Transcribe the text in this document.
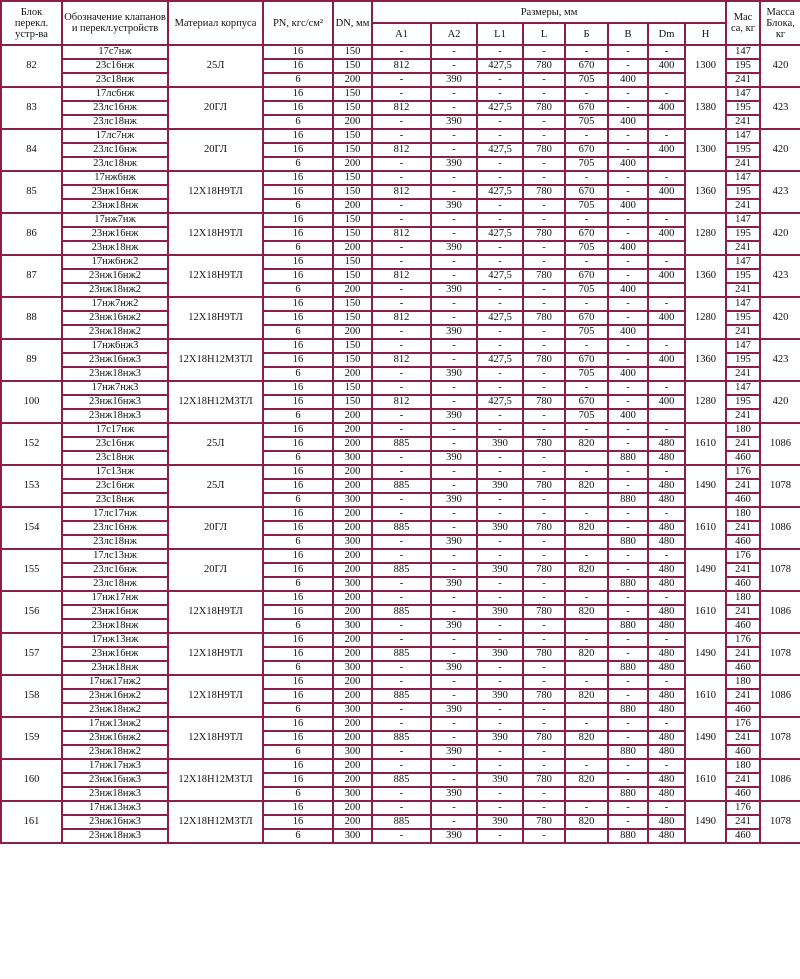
Блок перекл. устр-ва	Обозначение клапанов и перекл.устройств	Материал корпуса	PN, кгс/см²	DN, мм	Размеры, мм								Мас са, кг	Масса Блока, кг
					A1	A2	L1	L	Б	В	Dm	H		
82	17с7нж	25Л	16	150	-	-	-	-	-	-	-	1300	147	420
	23с16нж		16	150	812	-	427,5	780	670	-	400		195	
	23с18нж		6	200	-	390	-	-	705	400			241	
83	17лс6нж	20ГЛ	16	150	-	-	-	-	-	-	-	1380	147	423
	23лс16нж		16	150	812	-	427,5	780	670	-	400		195	
	23лс18нж		6	200	-	390	-	-	705	400			241	
84	17лс7нж	20ГЛ	16	150	-	-	-	-	-	-	-	1300	147	420
	23лс16нж		16	150	812	-	427,5	780	670	-	400		195	
	23лс18нж		6	200	-	390	-	-	705	400			241	
85	17нж6нж	12Х18Н9ТЛ	16	150	-	-	-	-	-	-	-	1360	147	423
	23нж16нж		16	150	812	-	427,5	780	670	-	400		195	
	23нж18нж		6	200	-	390	-	-	705	400			241	
86	17нж7нж	12Х18Н9ТЛ	16	150	-	-	-	-	-	-	-	1280	147	420
	23нж16нж		16	150	812	-	427,5	780	670	-	400		195	
	23нж18нж		6	200	-	390	-	-	705	400			241	
87	17нж6нж2	12Х18Н9ТЛ	16	150	-	-	-	-	-	-	-	1360	147	423
	23нж16нж2		16	150	812	-	427,5	780	670	-	400		195	
	23нж18нж2		6	200	-	390	-	-	705	400			241	
88	17нж7нж2	12Х18Н9ТЛ	16	150	-	-	-	-	-	-	-	1280	147	420
	23нж16нж2		16	150	812	-	427,5	780	670	-	400		195	
	23нж18нж2		6	200	-	390	-	-	705	400			241	
89	17нж6нж3	12Х18Н12М3ТЛ	16	150	-	-	-	-	-	-	-	1360	147	423
	23нж16нж3		16	150	812	-	427,5	780	670	-	400		195	
	23нж18нж3		6	200	-	390	-	-	705	400			241	
100	17нж7нж3	12Х18Н12М3ТЛ	16	150	-	-	-	-	-	-	-	1280	147	420
	23нж16нж3		16	150	812	-	427,5	780	670	-	400		195	
	23нж18нж3		6	200	-	390	-	-	705	400			241	
152	17с17нж	25Л	16	200	-	-	-	-	-	-	-	1610	180	1086
	23с16нж		16	200	885	-	390	780	820	-	480		241	
	23с18нж		6	300	-	390	-	-		880	480		460	
153	17с13нж	25Л	16	200	-	-	-	-	-	-	-	1490	176	1078
	23с16нж		16	200	885	-	390	780	820	-	480		241	
	23с18нж		6	300	-	390	-	-		880	480		460	
154	17лс17нж	20ГЛ	16	200	-	-	-	-	-	-	-	1610	180	1086
	23лс16нж		16	200	885	-	390	780	820	-	480		241	
	23лс18нж		6	300	-	390	-	-		880	480		460	
155	17лс13нж	20ГЛ	16	200	-	-	-	-	-	-	-	1490	176	1078
	23лс16нж		16	200	885	-	390	780	820	-	480		241	
	23лс18нж		6	300	-	390	-	-		880	480		460	
156	17нж17нж	12Х18Н9ТЛ	16	200	-	-	-	-	-	-	-	1610	180	1086
	23нж16нж		16	200	885	-	390	780	820	-	480		241	
	23нж18нж		6	300	-	390	-	-		880	480		460	
157	17нж13нж	12Х18Н9ТЛ	16	200	-	-	-	-	-	-	-	1490	176	1078
	23нж16нж		16	200	885	-	390	780	820	-	480		241	
	23нж18нж		6	300	-	390	-	-		880	480		460	
158	17нж17нж2	12Х18Н9ТЛ	16	200	-	-	-	-	-	-	-	1610	180	1086
	23нж16нж2		16	200	885	-	390	780	820	-	480		241	
	23нж18нж2		6	300	-	390	-	-		880	480		460	
159	17нж13нж2	12Х18Н9ТЛ	16	200	-	-	-	-	-	-	-	1490	176	1078
	23нж16нж2		16	200	885	-	390	780	820	-	480		241	
	23нж18нж2		6	300	-	390	-	-		880	480		460	
160	17нж17нж3	12Х18Н12М3ТЛ	16	200	-	-	-	-	-	-	-	1610	180	1086
	23нж16нж3		16	200	885	-	390	780	820	-	480		241	
	23нж18нж3		6	300	-	390	-	-		880	480		460	
161	17нж13нж3	12Х18Н12М3ТЛ	16	200	-	-	-	-	-	-	-	1490	176	1078
	23нж16нж3		16	200	885	-	390	780	820	-	480		241	
	23нж18нж3		6	300	-	390	-	-		880	480		460	
